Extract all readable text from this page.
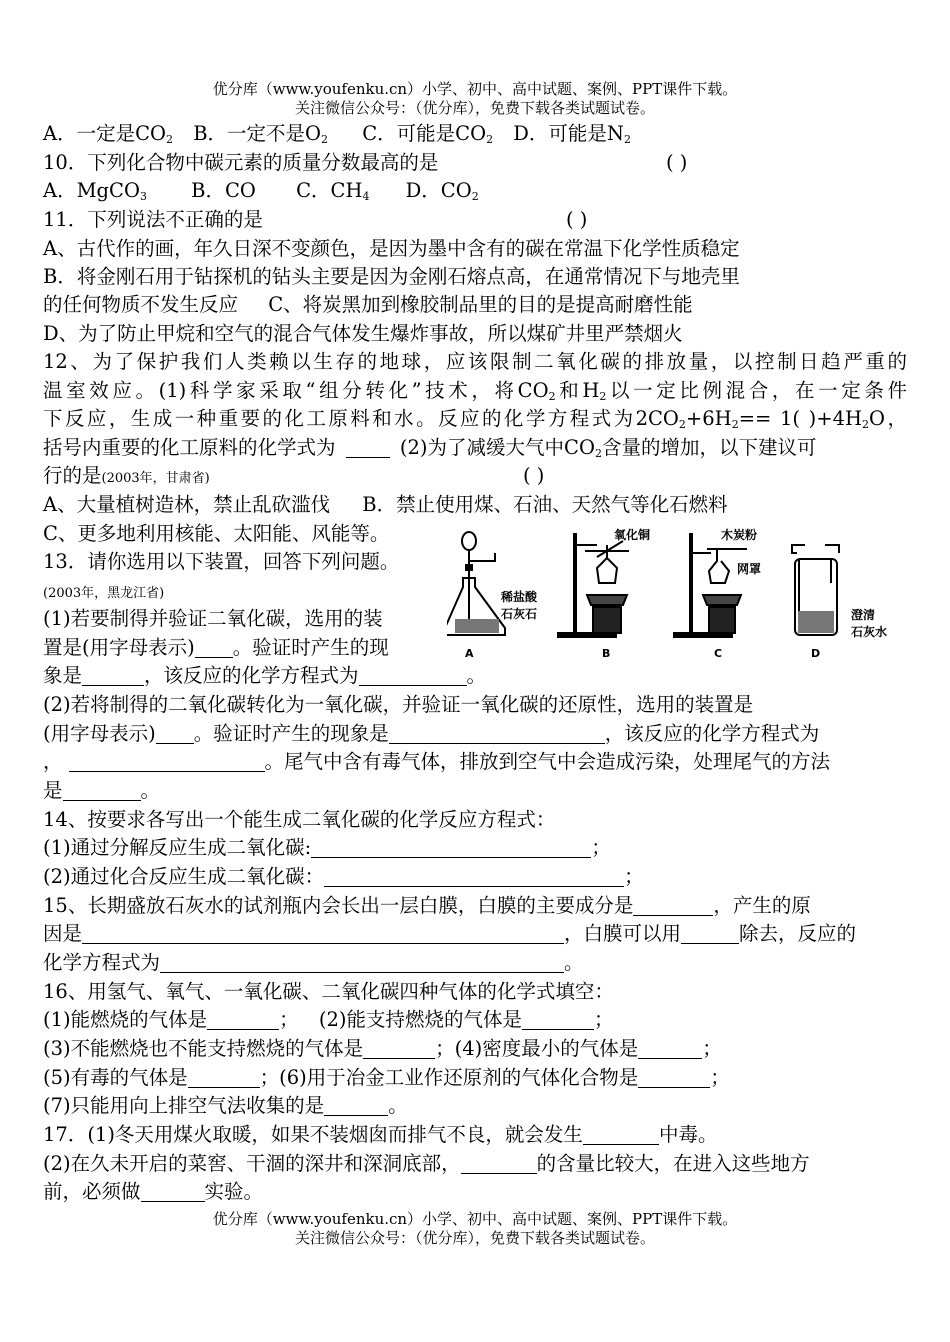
优分库（www.youfenku.cn）小学、初中、高中试题、案例、PPT课件下载。
关注微信公众号：（优分库），免费下载各类试题试卷。
A．一定是$CO_2$ B．一定不是$O_2$ C．可能是$CO_2$ D．可能是$N_2$
10．下列化合物中碳元素的质量分数最高的是	( )
A．MgCO$_3$ B．CO C．$CH_4$ D．$CO_2$
11．下列说法不正确的是	( )
A、古代作的画，年久日深不变颜色，是因为墨中含有的碳在常温下化学性质稳定
B．将金刚石用于钻探机的钻头主要是因为金刚石熔点高，在通常情况下与地壳里
的任何物质不发生反应 C、将炭黑加到橡胶制品里的目的是提高耐磨性能
D、为了防止甲烷和空气的混合气体发生爆炸事故，所以煤矿井里严禁烟火
12、为了保护我们人类赖以生存的地球，应该限制二氧化碳的排放量，以控制日趋严重的
温室效应。(1)科学家采取“组分转化”技术，将$CO_2$和$H_2$以一定比例混合，在一定条件
下反应，生成一种重要的化工原料和水。反应的化学方程式为$2CO_2+6H_2== 1$( )$+4H_2O$，
括号内重要的化工原料的化学式为	(2)为了减缓大气中$CO_2$含量的增加，以下建议可
行的是(2003年，甘肃省)	( )
A、大量植树造林，禁止乱砍滥伐 B．禁止使用煤、石油、天然气等化石燃料
C、更多地利用核能、太阳能、风能等。
13．请你选用以下装置，回答下列问题。
(2003年，黑龙江省)
(1)若要制得并验证二氧化碳，选用的装
置是(用字母表示) 。验证时产生的现
象是	，该反应的化学方程式为	。
(2)若将制得的二氧化碳转化为一氧化碳，并验证一氧化碳的还原性，选用的装置是
(用字母表示) 。验证时产生的现象是	，该反应的化学方程式为
，	。尾气中含有毒气体，排放到空气中会造成污染，处理尾气的方法
是	。
稀盐酸
石灰石
A
氧化铜
B
木炭粉
网罩
C
澄清
石灰水
D
14、按要求各写出一个能生成二氧化碳的化学反应方程式：
(1)通过分解反应生成二氧化碳:	；
(2)通过化合反应生成二氧化碳：	；
15、长期盛放石灰水的试剂瓶内会长出一层白膜，白膜的主要成分是	，产生的原
因是	，白膜可以用	除去，反应的
化学方程式为	。
16、用氢气、氧气、一氧化碳、二氧化碳四种气体的化学式填空：
(1)能燃烧的气体是	； (2)能支持燃烧的气体是	；
(3)不能燃烧也不能支持燃烧的气体是	；(4)密度最小的气体是	；
(5)有毒的气体是	；(6)用于冶金工业作还原剂的气体化合物是	；
(7)只能用向上排空气法收集的是	。
17．(1)冬天用煤火取暖，如果不装烟囱而排气不良，就会发生	中毒。
(2)在久未开启的菜窖、干涸的深井和深洞底部，	的含量比较大，在进入这些地方
前，必须做	实验。
优分库（www.youfenku.cn）小学、初中、高中试题、案例、PPT课件下载。
关注微信公众号：（优分库），免费下载各类试题试卷。
